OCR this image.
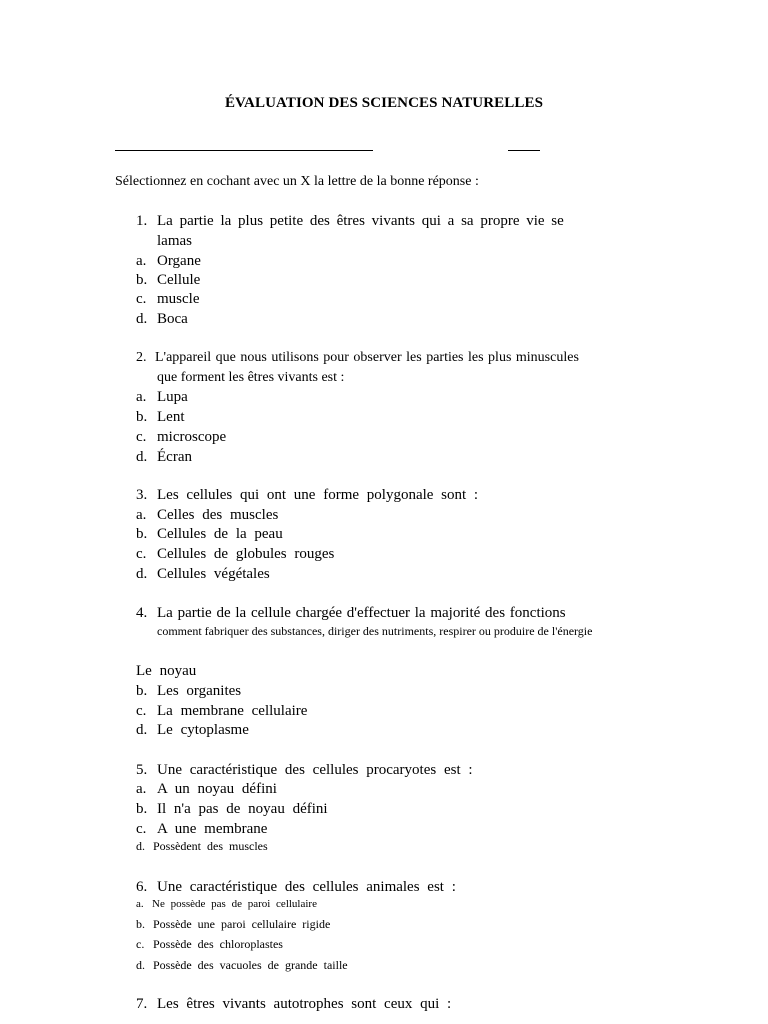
ÉVALUATION DES SCIENCES NATURELLES
Sélectionnez en cochant avec un X la lettre de la bonne réponse :
1. La partie la plus petite des êtres vivants qui a sa propre vie se
lamas
a. Organe
b. Cellule
c. muscle
d. Boca
2. L'appareil que nous utilisons pour observer les parties les plus minuscules
que forment les êtres vivants est :
a. Lupa
b. Lent
c. microscope
d. Écran
3. Les cellules qui ont une forme polygonale sont :
a. Celles des muscles
b. Cellules de la peau
c. Cellules de globules rouges
d. Cellules végétales
4. La partie de la cellule chargée d'effectuer la majorité des fonctions
comment fabriquer des substances, diriger des nutriments, respirer ou produire de l'énergie
Le noyau
b. Les organites
c. La membrane cellulaire
d. Le cytoplasme
5. Une caractéristique des cellules procaryotes est :
a. A un noyau défini
b. Il n'a pas de noyau défini
c. A une membrane
d. Possèdent des muscles
6. Une caractéristique des cellules animales est :
a. Ne possède pas de paroi cellulaire
b. Possède une paroi cellulaire rigide
c. Possède des chloroplastes
d. Possède des vacuoles de grande taille
7. Les êtres vivants autotrophes sont ceux qui :
